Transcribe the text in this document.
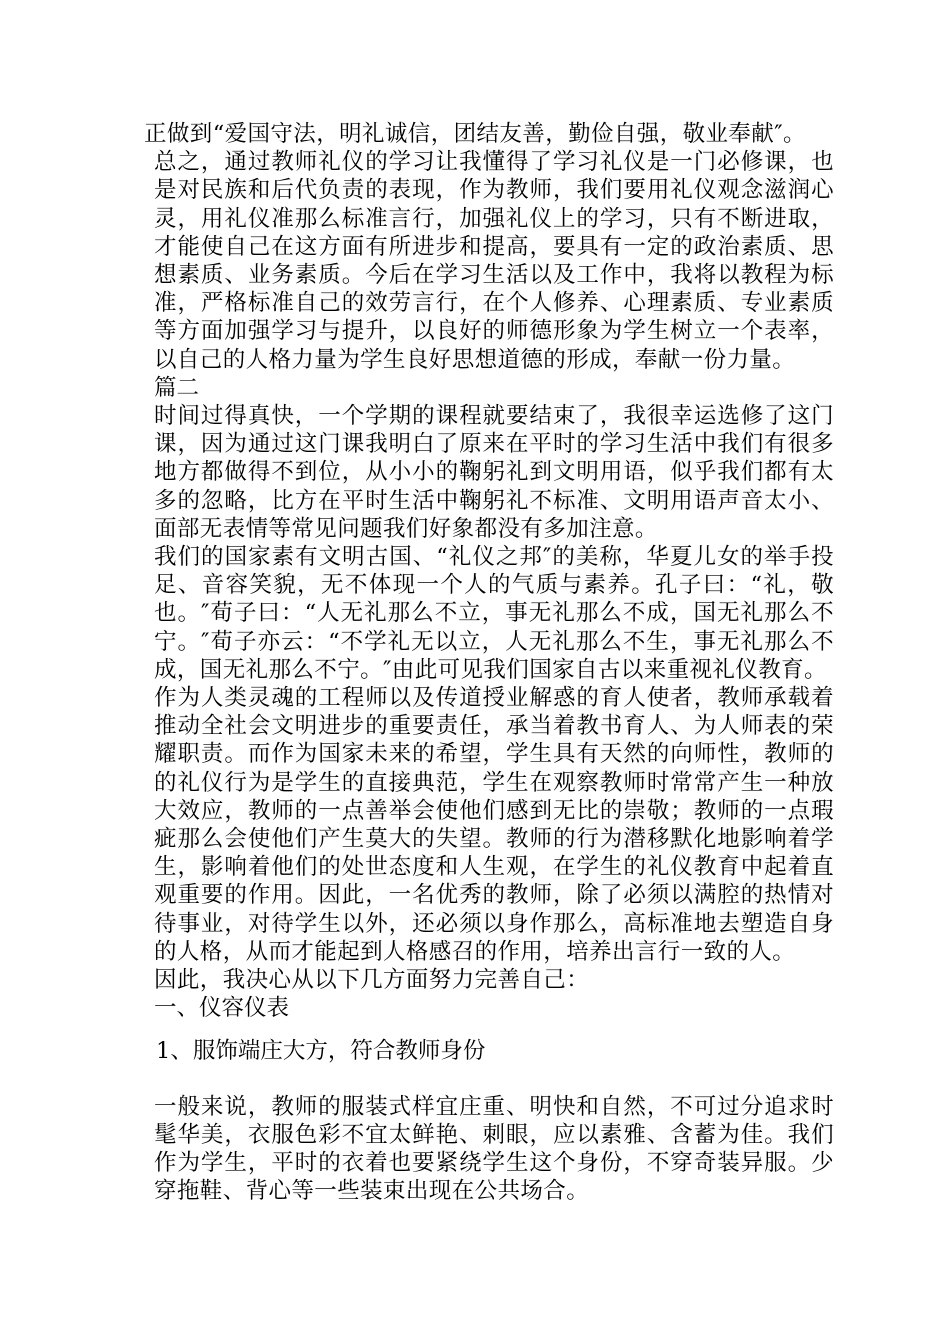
正做到“爱国守法，明礼诚信，团结友善，勤俭自强，敬业奉献″。

总之，通过教师礼仪的学习让我懂得了学习礼仪是一门必修课，也是对民族和后代负责的表现，作为教师，我们要用礼仪观念滋润心灵，用礼仪准那么标准言行，加强礼仪上的学习，只有不断进取，才能使自己在这方面有所进步和提高，要具有一定的政治素质、思想素质、业务素质。今后在学习生活以及工作中，我将以教程为标准，严格标准自己的效劳言行，在个人修养、心理素质、专业素质等方面加强学习与提升，以良好的师德形象为学生树立一个表率，以自己的人格力量为学生良好思想道德的形成，奉献一份力量。

篇二

时间过得真快，一个学期的课程就要结束了，我很幸运选修了这门课，因为通过这门课我明白了原来在平时的学习生活中我们有很多地方都做得不到位，从小小的鞠躬礼到文明用语，似乎我们都有太多的忽略，比方在平时生活中鞠躬礼不标准、文明用语声音太小、面部无表情等常见问题我们好象都没有多加注意。

我们的国家素有文明古国、“礼仪之邦″的美称，华夏儿女的举手投足、音容笑貌，无不体现一个人的气质与素养。孔子曰：“礼，敬也。″荀子曰：“人无礼那么不立，事无礼那么不成，国无礼那么不宁。″荀子亦云：“不学礼无以立，人无礼那么不生，事无礼那么不成，国无礼那么不宁。″由此可见我们国家自古以来重视礼仪教育。

作为人类灵魂的工程师以及传道授业解惑的育人使者，教师承载着推动全社会文明进步的重要责任，承当着教书育人、为人师表的荣耀职责。而作为国家未来的希望，学生具有天然的向师性，教师的的礼仪行为是学生的直接典范，学生在观察教师时常常产生一种放大效应，教师的一点善举会使他们感到无比的崇敬；教师的一点瑕疵那么会使他们产生莫大的失望。教师的行为潜移默化地影响着学生，影响着他们的处世态度和人生观，在学生的礼仪教育中起着直观重要的作用。因此，一名优秀的教师，除了必须以满腔的热情对待事业，对待学生以外，还必须以身作那么，高标准地去塑造自身的人格，从而才能起到人格感召的作用，培养出言行一致的人。

因此，我决心从以下几方面努力完善自己：

一、仪容仪表

1、服饰端庄大方，符合教师身份

一般来说，教师的服装式样宜庄重、明快和自然，不可过分追求时髦华美，衣服色彩不宜太鲜艳、刺眼，应以素雅、含蓄为佳。我们作为学生，平时的衣着也要紧绕学生这个身份，不穿奇装异服。少穿拖鞋、背心等一些装束出现在公共场合。
